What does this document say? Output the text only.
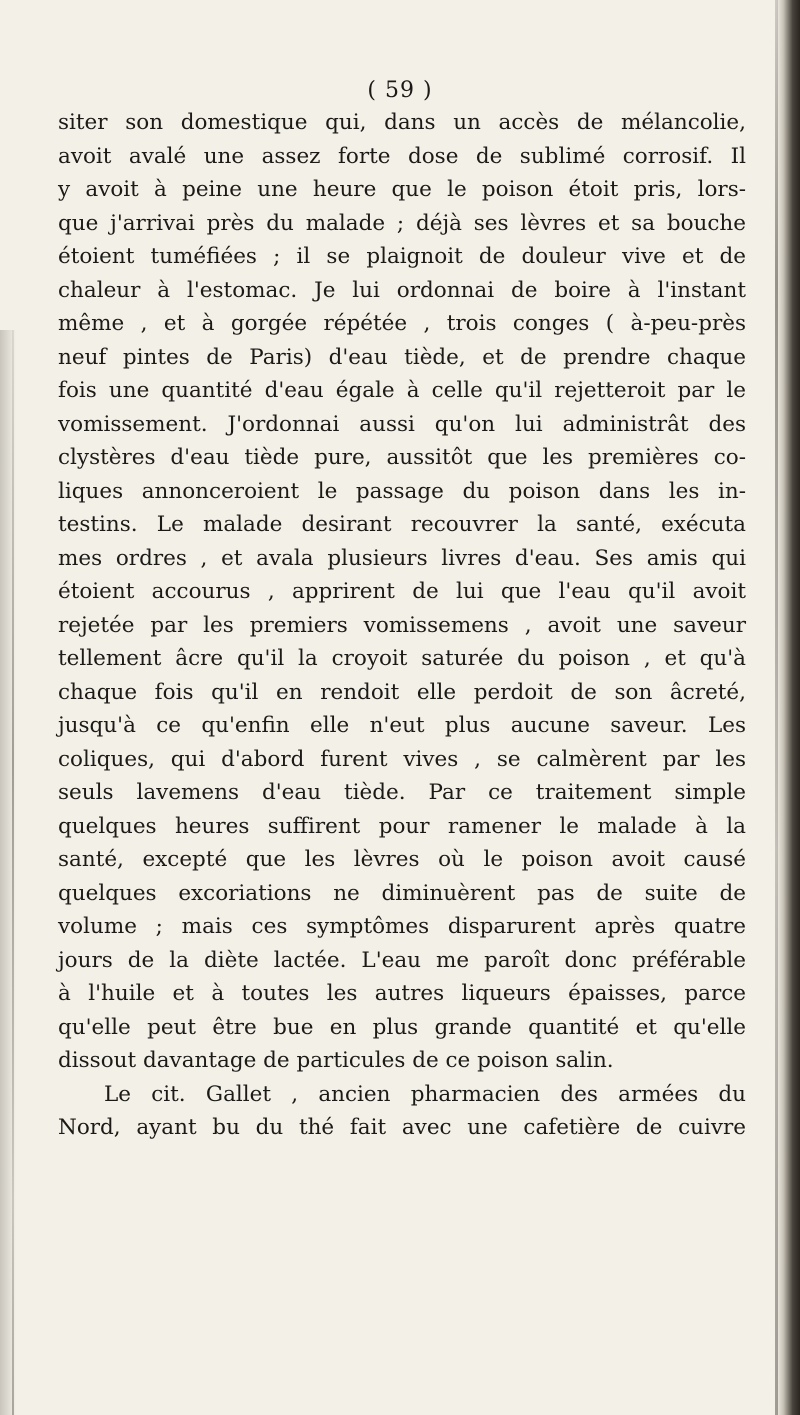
( 59 )
siter son domestique qui, dans un accès de mélancolie,
avoit avalé une assez forte dose de sublimé corrosif. Il
y avoit à peine une heure que le poison étoit pris, lors-
que j'arrivai près du malade ; déjà ses lèvres et sa bouche
étoient tuméfiées ; il se plaignoit de douleur vive et de
chaleur à l'estomac. Je lui ordonnai de boire à l'instant
même , et à gorgée répétée , trois conges ( à-peu-près
neuf pintes de Paris) d'eau tiède, et de prendre chaque
fois une quantité d'eau égale à celle qu'il rejetteroit par le
vomissement. J'ordonnai aussi qu'on lui administrât des
clystères d'eau tiède pure, aussitôt que les premières co-
liques annonceroient le passage du poison dans les in-
testins. Le malade desirant recouvrer la santé, exécuta
mes ordres , et avala plusieurs livres d'eau. Ses amis qui
étoient accourus , apprirent de lui que l'eau qu'il avoit
rejetée par les premiers vomissemens , avoit une saveur
tellement âcre qu'il la croyoit saturée du poison , et qu'à
chaque fois qu'il en rendoit elle perdoit de son âcreté,
jusqu'à ce qu'enfin elle n'eut plus aucune saveur. Les
coliques, qui d'abord furent vives , se calmèrent par les
seuls lavemens d'eau tiède. Par ce traitement simple
quelques heures suffirent pour ramener le malade à la
santé, excepté que les lèvres où le poison avoit causé
quelques excoriations ne diminuèrent pas de suite de
volume ; mais ces symptômes disparurent après quatre
jours de la diète lactée. L'eau me paroît donc préférable
à l'huile et à toutes les autres liqueurs épaisses, parce
qu'elle peut être bue en plus grande quantité et qu'elle
dissout davantage de particules de ce poison salin.
Le cit. Gallet , ancien pharmacien des armées du
Nord, ayant bu du thé fait avec une cafetière de cuivre
